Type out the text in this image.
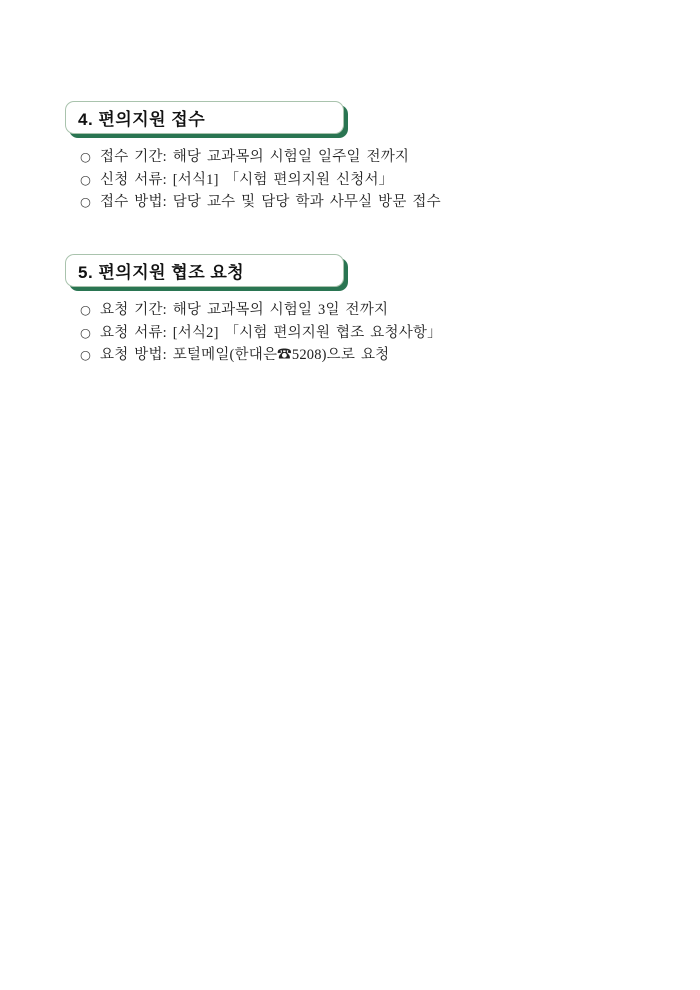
4. 편의지원 접수
○ 접수 기간: 해당 교과목의 시험일 일주일 전까지
○ 신청 서류: [서식1] 「시험 편의지원 신청서」
○ 접수 방법: 담당 교수 및 담당 학과 사무실 방문 접수
5. 편의지원 협조 요청
○ 요청 기간: 해당 교과목의 시험일 3일 전까지
○ 요청 서류: [서식2] 「시험 편의지원 협조 요청사항」
○ 요청 방법: 포털메일(한대은☎5208)으로 요청
